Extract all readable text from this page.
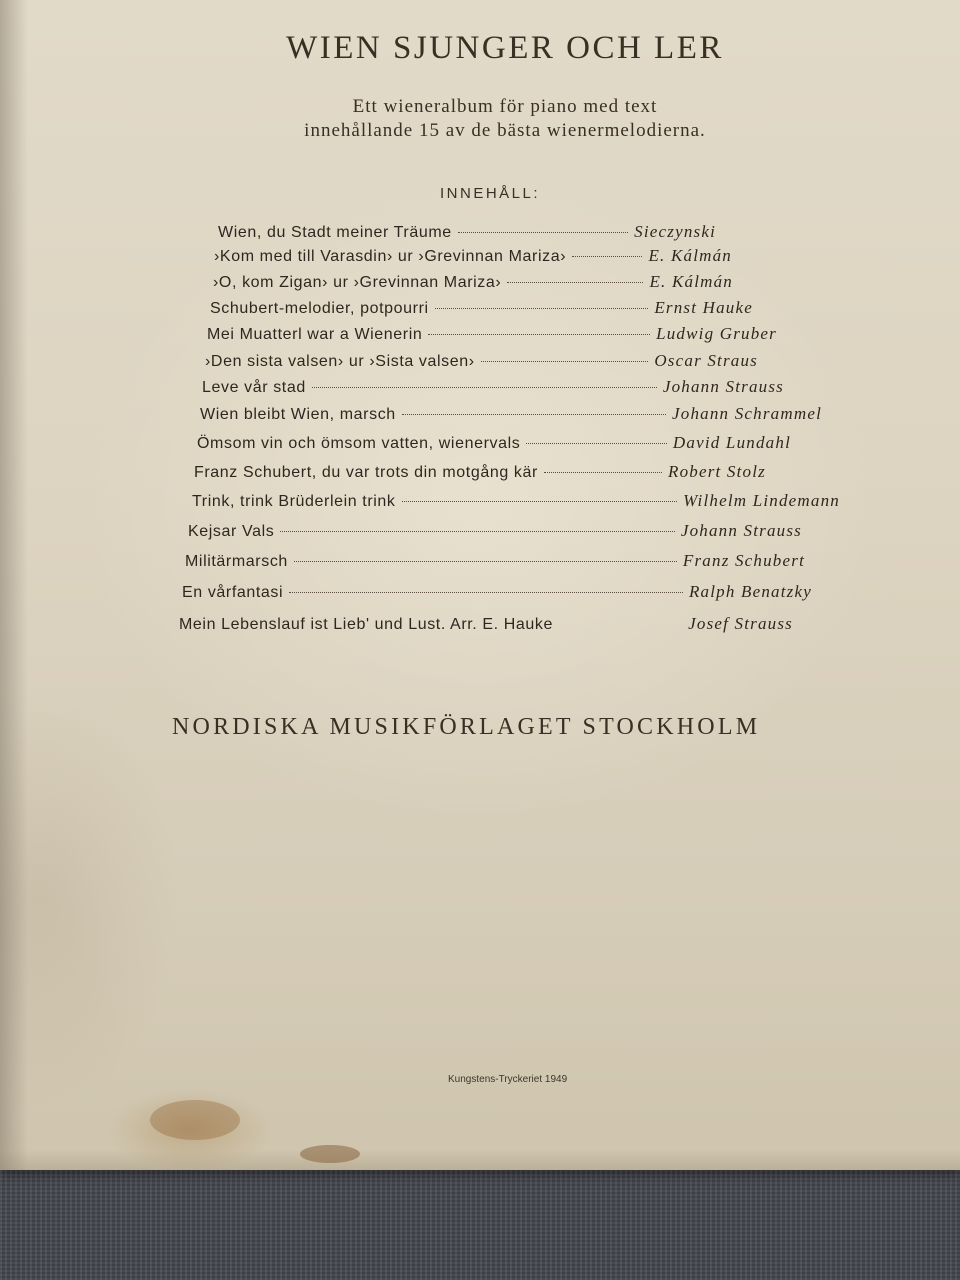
WIEN SJUNGER OCH LER
Ett wieneralbum för piano med text
innehållande 15 av de bästa wienermelodierna.
INNEHÅLL:
Wien, du Stadt meiner Träume	Sieczynski
›Kom med till Varasdin› ur ›Grevinnan Mariza›	E. Kálmán
›O, kom Zigan› ur ›Grevinnan Mariza›	E. Kálmán
Schubert-melodier, potpourri	Ernst Hauke
Mei Muatterl war a Wienerin	Ludwig Gruber
›Den sista valsen› ur ›Sista valsen›	Oscar Straus
Leve vår stad	Johann Strauss
Wien bleibt Wien, marsch	Johann Schrammel
Ömsom vin och ömsom vatten, wienervals	David Lundahl
Franz Schubert, du var trots din motgång kär	Robert Stolz
Trink, trink Brüderlein trink	Wilhelm Lindemann
Kejsar Vals	Johann Strauss
Militärmarsch	Franz Schubert
En vårfantasi	Ralph Benatzky
Mein Lebenslauf ist Lieb' und Lust. Arr. E. Hauke	Josef Strauss
NORDISKA MUSIKFÖRLAGET STOCKHOLM
Kungstens-Tryckeriet 1949
